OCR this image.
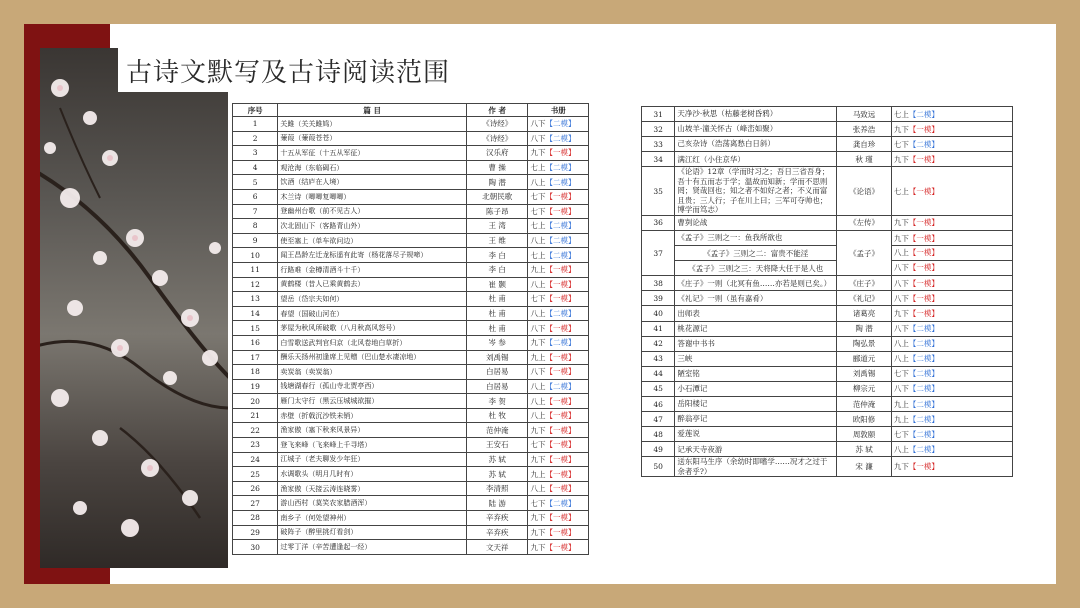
古诗文默写及古诗阅读范围
序号	篇 目	作 者	书册
1	关雎（关关雎鸠）	《诗经》	八下【二模】
2	蒹葭（蒹葭苍苍）	《诗经》	八下【二模】
3	十五从军征（十五从军征）	汉乐府	九下【一模】
4	观沧海（东临碣石）	曹 操	七上【二模】
5	饮酒（结庐在人境）	陶 潜	八上【二模】
6	木兰诗（唧唧复唧唧）	北朝民歌	七下【一模】
7	登幽州台歌（前不见古人）	陈子昂	七下【一模】
8	次北固山下（客路青山外）	王 湾	七上【二模】
9	使至塞上（单车欲问边）	王 维	八上【二模】
10	闻王昌龄左迁龙标遥有此寄（杨花落尽子规啼）	李 白	七上【二模】
11	行路难（金樽清酒斗十千）	李 白	九上【一模】
12	黄鹤楼（昔人已乘黄鹤去）	崔 颢	八上【一模】
13	望岳（岱宗夫如何）	杜 甫	七下【一模】
14	春望（国破山河在）	杜 甫	八上【二模】
15	茅屋为秋风所破歌（八月秋高风怒号）	杜 甫	八下【一模】
16	白雪歌送武判官归京（北风卷地白草折）	岑 参	九下【二模】
17	酬乐天扬州初逢席上见赠（巴山楚水凄凉地）	刘禹锡	九上【一模】
18	卖炭翁（卖炭翁）	白居易	八下【一模】
19	钱塘湖春行（孤山寺北贾亭西）	白居易	八上【二模】
20	雁门太守行（黑云压城城欲摧）	李 贺	八上【一模】
21	赤壁（折戟沉沙铁未销）	杜 牧	八上【一模】
22	渔家傲（塞下秋来风景异）	范仲淹	九下【一模】
23	登飞来峰（飞来峰上千寻塔）	王安石	七下【一模】
24	江城子（老夫聊发少年狂）	苏 轼	九下【一模】
25	水调歌头（明月几时有）	苏 轼	九上【一模】
26	渔家傲（天接云涛连晓雾）	李清照	八上【一模】
27	游山西村（莫笑农家腊酒浑）	陆 游	七下【二模】
28	南乡子（何处望神州）	辛弃疾	九下【一模】
29	破阵子（醉里挑灯看剑）	辛弃疾	九下【一模】
30	过零丁洋（辛苦遭逢起一经）	文天祥	九下【一模】
31	天净沙·秋思（枯藤老树昏鸦）	马致远	七上【二模】
32	山坡羊·潼关怀古（峰峦如聚）	张养浩	九下【一模】
33	己亥杂诗（浩荡离愁白日斜）	龚自珍	七下【二模】
34	满江红（小住京华）	秋 瑾	九下【一模】
35	《论语》12章（学而时习之；吾日三省吾身；吾十有五而志于学；温故而知新；学而不思则罔；贤哉回也；知之者不如好之者；不义而富且贵；三人行；子在川上曰；三军可夺帅也；博学而笃志）	《论语》	七上【一模】
36	曹刿论战	《左传》	九下【一模】
37	《孟子》三则之一：鱼我所欲也	《孟子》	九下【一模】
	《孟子》三则之二：富贵不能淫		八上【一模】
	《孟子》三则之三：天将降大任于是人也		八下【一模】
38	《庄子》一则（北冥有鱼……亦若是则已矣。）	《庄子》	八下【一模】
39	《礼记》一则（虽有嘉肴）	《礼记》	八下【一模】
40	出师表	诸葛亮	九下【一模】
41	桃花源记	陶 潜	八下【二模】
42	答谢中书书	陶弘景	八上【二模】
43	三峡	郦道元	八上【二模】
44	陋室铭	刘禹锡	七下【二模】
45	小石潭记	柳宗元	八下【二模】
46	岳阳楼记	范仲淹	九上【二模】
47	醉翁亭记	欧阳修	九上【二模】
48	爱莲说	周敦颐	七下【二模】
49	记承天寺夜游	苏 轼	八上【二模】
50	送东阳马生序（余幼时即嗜学……况才之过于余者乎?）	宋 濂	九下【一模】
